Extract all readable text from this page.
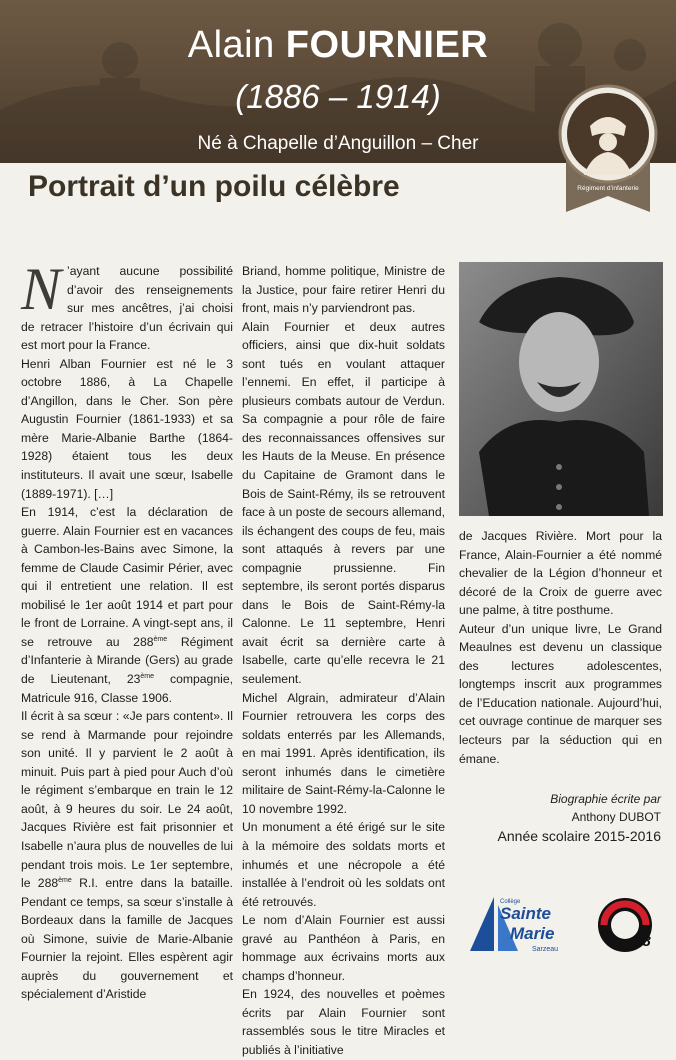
Alain FOURNIER
(1886 – 1914)
Né à Chapelle d’Anguillon – Cher
Portrait d’un poilu célèbre	Régiment d’infanterie

N ’ayant aucune possibilité d’avoir des renseignements sur mes ancêtres, j’ai choisi de retracer l’histoire d’un écrivain qui est mort pour la France.

Henri Alban Fournier est né le 3 octobre 1886, à La Chapelle d’Angillon, dans le Cher. Son père Augustin Fournier (1861-1933) et sa mère Marie-Albanie Barthe (1864-1928) étaient tous les deux instituteurs. Il avait une sœur, Isabelle (1889-1971). […]

En 1914, c’est la déclaration de guerre. Alain Fournier est en vacances à Cambon-les-Bains avec Simone, la femme de Claude Casimir Périer, avec qui il entretient une relation. Il est mobilisé le 1er août 1914 et part pour le front de Lorraine. A vingt-sept ans, il se retrouve au 288ème Régiment d’Infanterie à Mirande (Gers) au grade de Lieutenant, 23ème compagnie, Matricule 916, Classe 1906.

Il écrit à sa sœur : «Je pars content». Il se rend à Marmande pour rejoindre son unité. Il y parvient le 2 août à minuit. Puis part à pied pour Auch d’où le régiment s’embarque en train le 12 août, à 9 heures du soir. Le 24 août, Jacques Rivière est fait prisonnier et Isabelle n’aura plus de nouvelles de lui pendant trois mois. Le 1er septembre, le 288ème R.I. entre dans la bataille. Pendant ce temps, sa sœur s’installe à Bordeaux dans la famille de Jacques où Simone, suivie de Marie-Albanie Fournier la rejoint. Elles espèrent agir auprès du gouvernement et spécialement d’Aristide

Briand, homme politique, Ministre de la Justice, pour faire retirer Henri du front, mais n’y parviendront pas.

Alain Fournier et deux autres officiers, ainsi que dix-huit soldats sont tués en voulant attaquer l’ennemi. En effet, il participe à plusieurs combats autour de Verdun. Sa compagnie a pour rôle de faire des reconnaissances offensives sur les Hauts de la Meuse. En présence du Capitaine de Gramont dans le Bois de Saint-Rémy, ils se retrouvent face à un poste de secours allemand, ils échangent des coups de feu, mais sont attaqués à revers par une compagnie prussienne. Fin septembre, ils seront portés disparus dans le Bois de Saint-Rémy-la Calonne. Le 11 septembre, Henri avait écrit sa dernière carte à Isabelle, carte qu’elle recevra le 21 seulement.

Michel Algrain, admirateur d’Alain Fournier retrouvera les corps des soldats enterrés par les Allemands, en mai 1991. Après identification, ils seront inhumés dans le cimetière militaire de Saint-Rémy-la-Calonne le 10 novembre 1992.

Un monument a été érigé sur le site à la mémoire des soldats morts et inhumés et une nécropole a été installée à l’endroit où les soldats ont été retrouvés.

Le nom d’Alain Fournier est aussi gravé au Panthéon à Paris, en hommage aux écrivains morts aux champs d’honneur.

En 1924, des nouvelles et poèmes écrits par Alain Fournier sont rassemblés sous le titre Miracles et publiés à l’initiative

de Jacques Rivière. Mort pour la France, Alain-Fournier a été nommé chevalier de la Légion d’honneur et décoré de la Croix de guerre avec une palme, à titre posthume.

Auteur d’un unique livre, Le Grand Meaulnes est devenu un classique des lectures adolescentes, longtemps inscrit aux programmes de l’Education nationale. Aujourd’hui, cet ouvrage continue de marquer ses lecteurs par la séduction qui en émane.

Biographie écrite par
Anthony DUBOT
Année scolaire 2015-2016
Collège
Sainte
Marie
Sarzeau	18
